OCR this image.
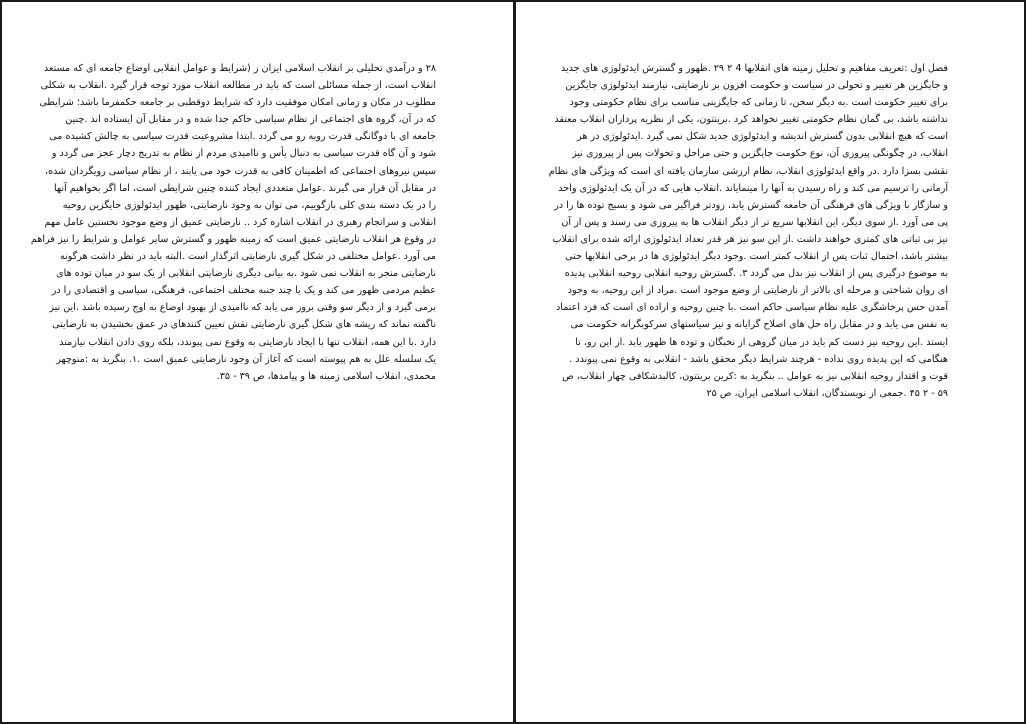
۲۸ و درآمدی تحلیلی بر انقلاب اسلامی ایران ز (شرایط و عوامل انقلابی اوضاع جامعه ای که مستعد
انقلاب است، از جمله مسائلی است که باید در مطالعه انقلاب مورد توجه قرار گیرد .انقلاب به شکلی
مطلوب در مکان و زمانی امکان موفقیت دارد که شرایط دوقطبی بر جامعه حکمفرما باشد؛ شرایطی
که در آن، گروه های اجتماعی از نظام سیاسی حاکم جدا شده و در مقابل آن ایستاده اند .چنین
جامعه ای با دوگانگی قدرت روبه رو می گردد .ابتدا مشروعیت قدرت سیاسی به چالش کشیده می
شود و آن گاه قدرت سیاسی به دنبال یأس و ناامیدی مردم از نظام به تدریج دچار عجز می گردد و
سپس نیروهای اجتماعی که اطمینان کافی به قدرت خود می یابند ، از نظام سیاسی رویگردان شده،
در مقابل آن قرار می گیرند .عوامل متعددی ایجاد کننده چنین شرایطی است، اما اگر بخواهیم آنها
را در یک دسته بندی کلی بازگوییم، می توان به وجود نارضایتی، ظهور ایدئولوژی جایگزین روحیه
انقلابی و سرانجام رهبری در انقلاب اشاره کرد .. نارضایتی عمیق از وضع موجود نخستین عامل مهم
در وقوع هر انقلاب نارضایتی عمیق است که زمینه ظهور و گسترش سایر عوامل و شرایط را نیز فراهم
می آورد .عوامل مختلفی در شکل گیری نارضایتی اثرگذار است .البته باید در نظر داشت هرگونه
نارضایتی منجر به انقلاب نمی شود .به بیانی دیگری نارضایتی انقلابی از یک سو در میان توده های
عظیم مردمی ظهور می کند و یک یا چند جنبه مختلف اجتماعی، فرهنگی، سیاسی و اقتصادی را در
برمی گیرد و از دیگر سو وقتی بروز می یابد که ناامیدی از بهبود اوضاع به اوج رسیده باشد .این نیز
ناگفته نماند که ریشه های شکل گیری نارضایتی نقش تعیین کنندهای در عمق بخشیدن به نارضایتی
دارد .با این همه، انقلاب تنها با ایجاد نارضایتی به وقوع نمی پیوندد، بلکه روی دادن انقلاب نیازمند
یک سلسله علل به هم پیوسته است که آغاز آن وجود نارضایتی عمیق است .۱. بنگرید به :منوچهر
محمدی، انقلاب اسلامی زمینه ها و پیامدها، ص ۳۹ - ۳۵.
فصل اول :تعریف مفاهیم و تحلیل زمینه های انقلابها 4 ۲ ۲۹ .ظهور و گسترش ایدئولوژی های جدید
و جایگزین هر تغییر و تحولی در سیاست و حکومت افزون بر نارضایتی، نیازمند ایدئولوژی جایگزین
برای تغییر حکومت است .به دیگر سخن، تا زمانی که جایگزینی مناسب برای نظام حکومتی وجود
نداشته باشد، بی گمان نظام حکومتی تغییر نخواهد کرد .برینتون، یکی از نظریه پردازان انقلاب معتقد
است که هیچ انقلابی بدون گسترش اندیشه و ایدئولوژی جدید شکل نمی گیرد .ایدئولوژی در هر
انقلاب، در چگونگی پیروزی آن، نوع حکومت جایگزین و حتی مراحل و تحولات پس از پیروزی نیز
نقشی بسزا دارد .در واقع ایدئولوژی انقلاب، نظام ارزشی سازمان یافته ای است که ویژگی های نظام
آرمانی را ترسیم می کند و راه رسیدن به آنها را مینمایاند .انقلاب هایی که در آن یک ایدئولوژی واحد
و سازگار با ویژگی های فرهنگی آن جامعه گسترش یابد، زودتر فراگیر می شود و بسیج توده ها را در
پی می آورد .از سوی دیگر، این انقلابها سریع تر از دیگر انقلاب ها به پیروزی می رسند و پس از آن
نیز بی ثباتی های کمتری خواهند داشت .از این سو نیز هر قدر تعداد ایدئولوژی ارائه شده برای انقلاب
بیشتر باشد، احتمال ثبات پس از انقلاب کمتر است .وجود دیگر ایدئولوژی ها در برخی انقلابها حتی
به موضوع درگیری پس از انقلاب نیز بدل می گردد ۳. .گسترش روحیه انقلابی روحیه انقلابی پدیده
ای روان شناختی و مرحله ای بالاتر از نارضایتی از وضع موجود است .مراد از این روحیه، به وجود
آمدن حس پرخاشگری علیه نظام سیاسی حاکم است .با چنین روحیه و اراده ای است که فرد اعتماد
به نفس می یابد و در مقابل راه حل های اصلاح گرایانه و نیز سیاستهای سرکوبگرانه حکومت می
ایستد .این روحیه نیز دست کم باید در میان گروهی از نخبگان و توده ها ظهور یابد .از این رو، تا
هنگامی که این پدیده روی نداده - هرچند شرایط دیگر محقق باشد - انقلابی به وقوع نمی پیوندد .
قوت و اقتدار روحیه انقلابی نیز به عوامل .. بنگرید به :کرین برینتون، کالبدشکافی چهار انقلاب، ص
۵۹ - ۲ ۴۵ .جمعی از نویسندگان، انقلاب اسلامی ایران، ص ۲۵
